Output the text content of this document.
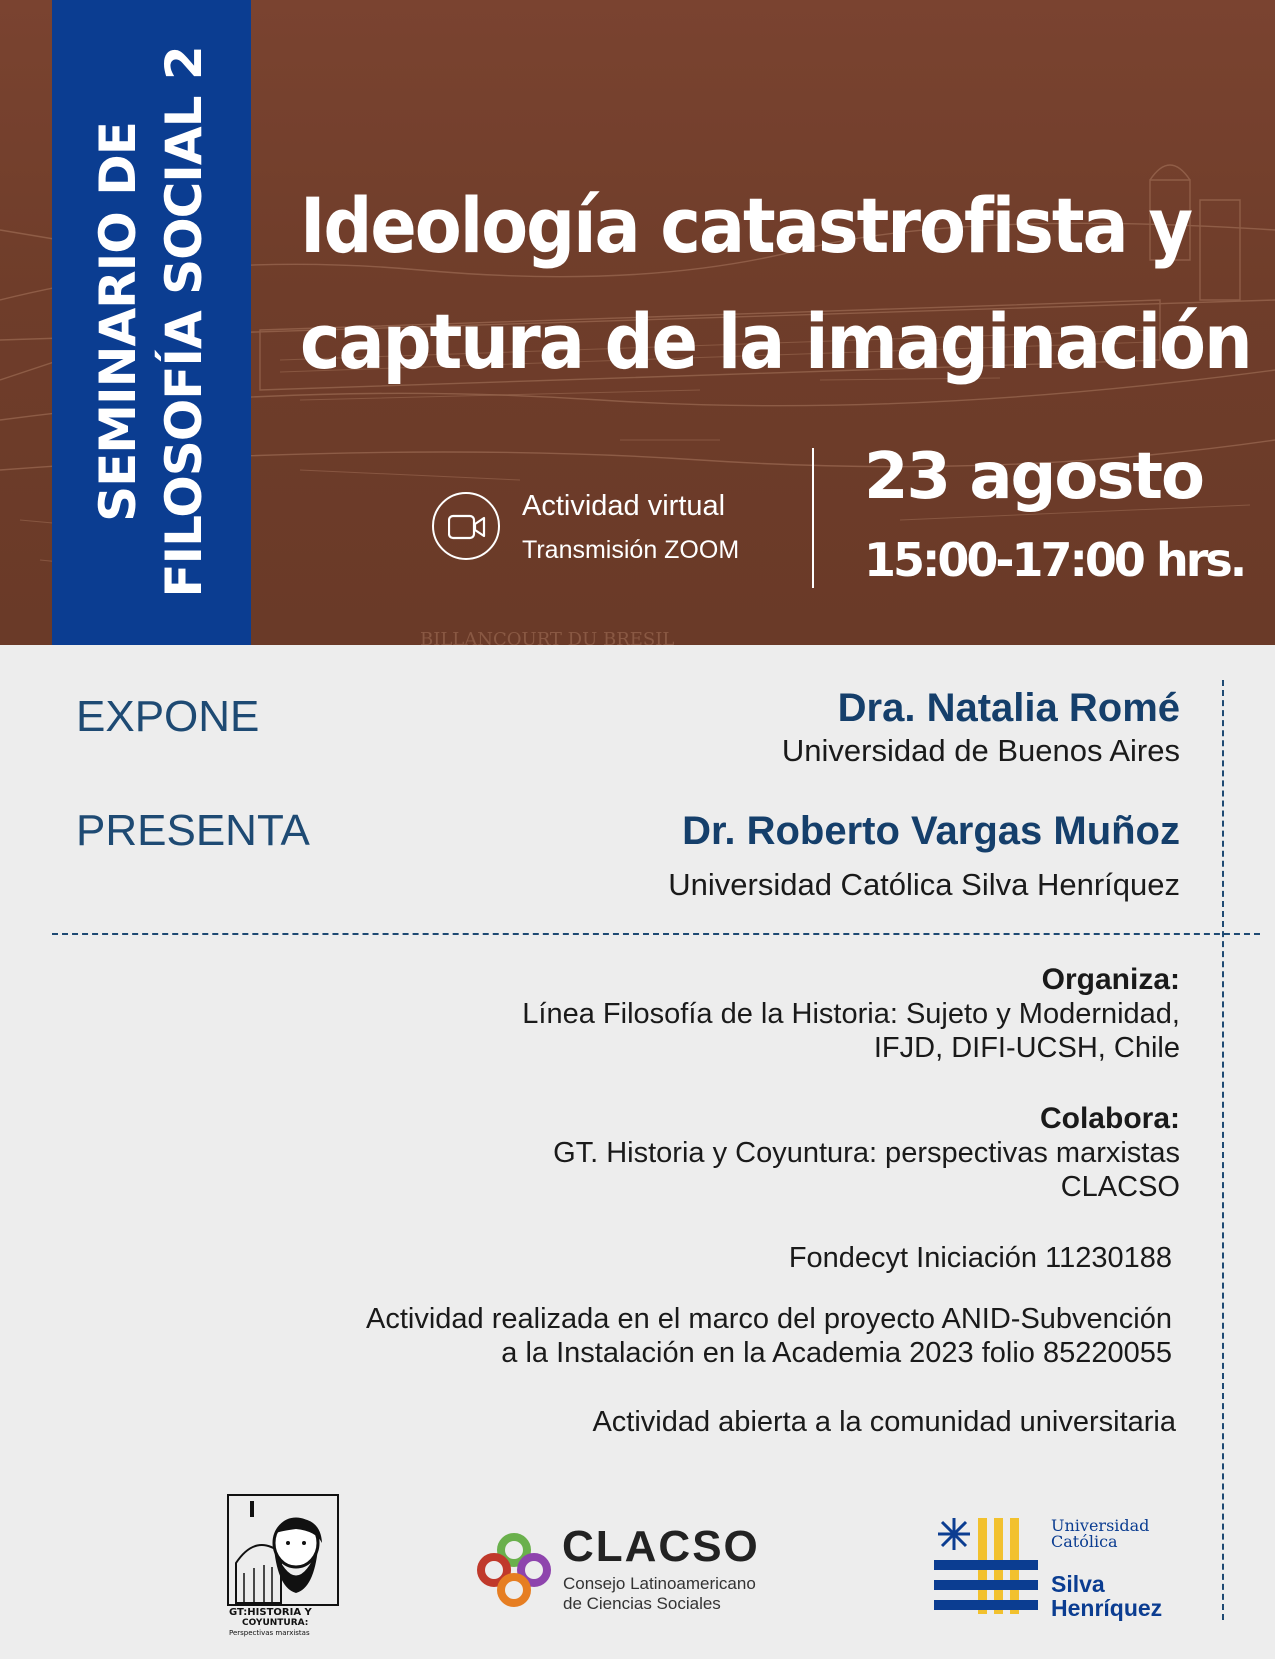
BILLANCOURT DU BRESIL
SEMINARIO DE FILOSOFÍA SOCIAL 2 Ideología catastrofista y
captura de la imaginación
Actividad virtual
Transmisión ZOOM
23 agosto
15:00-17:00 hrs.
EXPONE	Dra. Natalia Romé
Universidad de Buenos Aires
PRESENTA	Dr. Roberto Vargas Muñoz
Universidad Católica Silva Henríquez
Organiza:
Línea Filosofía de la Historia: Sujeto y Modernidad,
IFJD, DIFI-UCSH, Chile
Colabora:
GT. Historia y Coyuntura: perspectivas marxistas
CLACSO
Fondecyt Iniciación 11230188
Actividad realizada en el marco del proyecto ANID-Subvención
a la Instalación en la Academia 2023 folio 85220055
Actividad abierta a la comunidad universitaria
GT:HISTORIA Y
COYUNTURA:
Perspectivas marxistas
CLACSO
Consejo Latinoamericano
de Ciencias Sociales
Universidad
Católica
Silva
Henríquez
